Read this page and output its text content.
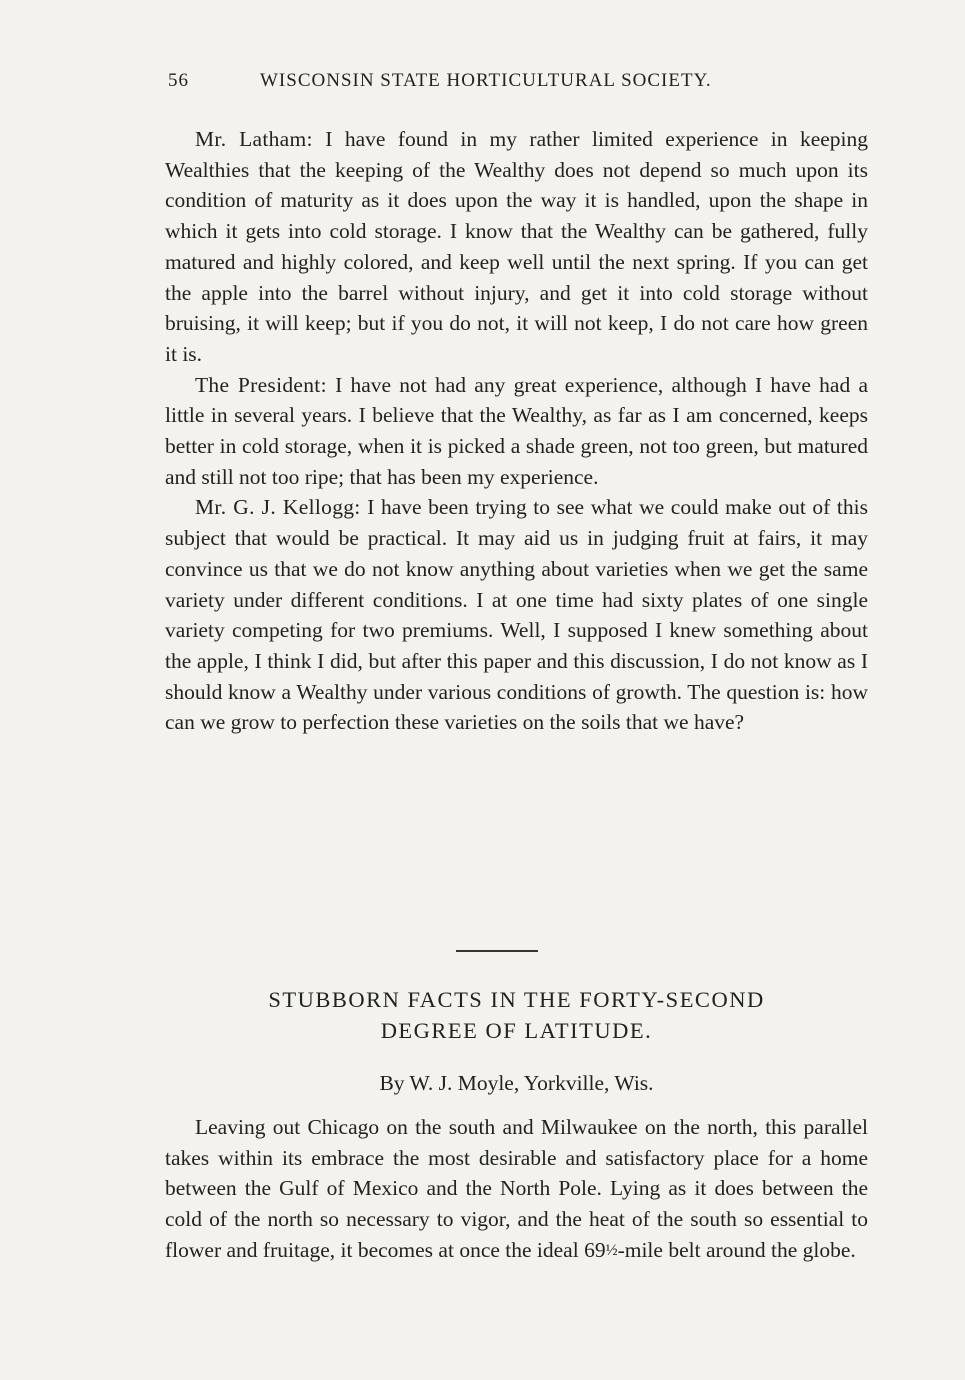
56	WISCONSIN STATE HORTICULTURAL SOCIETY.

Mr. Latham: I have found in my rather limited experience in keeping Wealthies that the keeping of the Wealthy does not depend so much upon its condition of maturity as it does upon the way it is handled, upon the shape in which it gets into cold storage. I know that the Wealthy can be gathered, fully matured and highly colored, and keep well until the next spring. If you can get the apple into the barrel without injury, and get it into cold storage without bruising, it will keep; but if you do not, it will not keep, I do not care how green it is.

The President: I have not had any great experience, although I have had a little in several years. I believe that the Wealthy, as far as I am concerned, keeps better in cold storage, when it is picked a shade green, not too green, but matured and still not too ripe; that has been my experience.

Mr. G. J. Kellogg: I have been trying to see what we could make out of this subject that would be practical. It may aid us in judging fruit at fairs, it may convince us that we do not know anything about varieties when we get the same variety under different conditions. I at one time had sixty plates of one single variety competing for two premiums. Well, I supposed I knew something about the apple, I think I did, but after this paper and this discussion, I do not know as I should know a Wealthy under various conditions of growth. The question is: how can we grow to perfection these varieties on the soils that we have?

STUBBORN FACTS IN THE FORTY-SECOND
DEGREE OF LATITUDE.

By W. J. Moyle, Yorkville, Wis.

Leaving out Chicago on the south and Milwaukee on the north, this parallel takes within its embrace the most desirable and satisfactory place for a home between the Gulf of Mexico and the North Pole. Lying as it does between the cold of the north so necessary to vigor, and the heat of the south so essential to flower and fruitage, it becomes at once the ideal 69½-mile belt around the globe.
